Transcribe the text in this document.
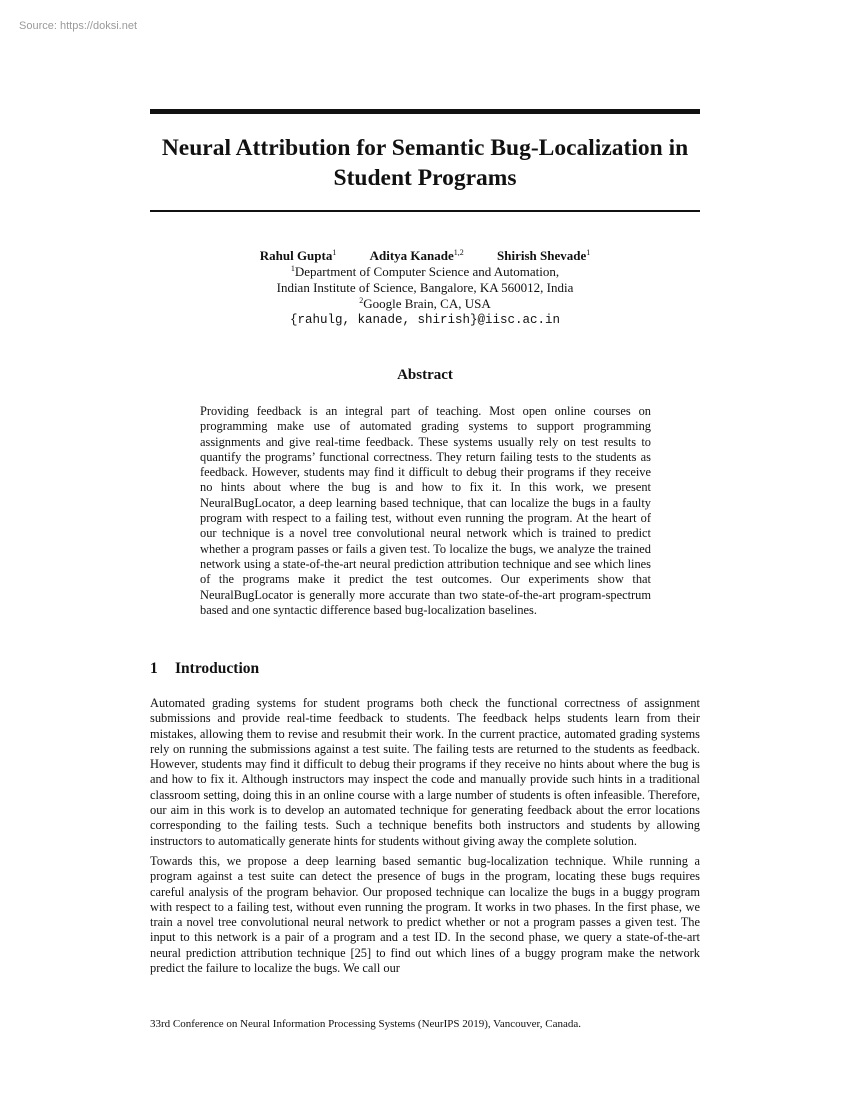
Source: https://doksi.net
Neural Attribution for Semantic Bug-Localization in Student Programs
Rahul Gupta$^1$	Aditya Kanade$^{1,2}$	Shirish Shevade$^1$
$^1$Department of Computer Science and Automation,
Indian Institute of Science, Bangalore, KA 560012, India
$^2$Google Brain, CA, USA
{rahulg, kanade, shirish}@iisc.ac.in
Abstract

Providing feedback is an integral part of teaching. Most open online courses on programming make use of automated grading systems to support programming assignments and give real-time feedback. These systems usually rely on test results to quantify the programs’ functional correctness. They return failing tests to the students as feedback. However, students may find it difficult to debug their programs if they receive no hints about where the bug is and how to fix it. In this work, we present NeuralBugLocator, a deep learning based technique, that can localize the bugs in a faulty program with respect to a failing test, without even running the program. At the heart of our technique is a novel tree convolutional neural network which is trained to predict whether a program passes or fails a given test. To localize the bugs, we analyze the trained network using a state-of-the-art neural prediction attribution technique and see which lines of the programs make it predict the test outcomes. Our experiments show that NeuralBugLocator is generally more accurate than two state-of-the-art program-spectrum based and one syntactic difference based bug-localization baselines.

1 Introduction

Automated grading systems for student programs both check the functional correctness of assignment submissions and provide real-time feedback to students. The feedback helps students learn from their mistakes, allowing them to revise and resubmit their work. In the current practice, automated grading systems rely on running the submissions against a test suite. The failing tests are returned to the students as feedback. However, students may find it difficult to debug their programs if they receive no hints about where the bug is and how to fix it. Although instructors may inspect the code and manually provide such hints in a traditional classroom setting, doing this in an online course with a large number of students is often infeasible. Therefore, our aim in this work is to develop an automated technique for generating feedback about the error locations corresponding to the failing tests. Such a technique benefits both instructors and students by allowing instructors to automatically generate hints for students without giving away the complete solution.

Towards this, we propose a deep learning based semantic bug-localization technique. While running a program against a test suite can detect the presence of bugs in the program, locating these bugs requires careful analysis of the program behavior. Our proposed technique can localize the bugs in a buggy program with respect to a failing test, without even running the program. It works in two phases. In the first phase, we train a novel tree convolutional neural network to predict whether or not a program passes a given test. The input to this network is a pair of a program and a test ID. In the second phase, we query a state-of-the-art neural prediction attribution technique [25] to find out which lines of a buggy program make the network predict the failure to localize the bugs. We call our

33rd Conference on Neural Information Processing Systems (NeurIPS 2019), Vancouver, Canada.
